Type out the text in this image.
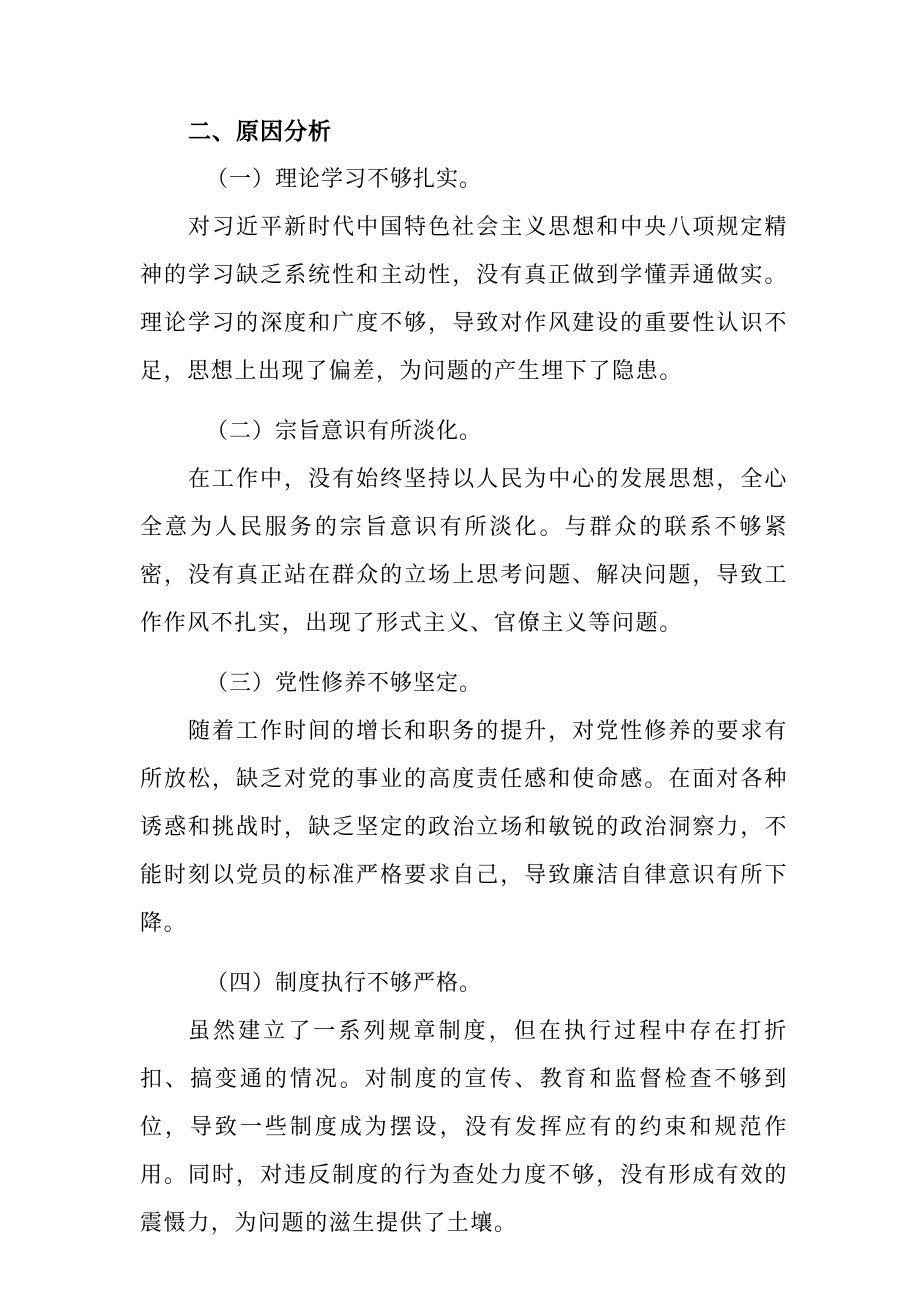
二、原因分析
（一）理论学习不够扎实。

对习近平新时代中国特色社会主义思想和中央八项规定精神的学习缺乏系统性和主动性，没有真正做到学懂弄通做实。理论学习的深度和广度不够，导致对作风建设的重要性认识不足，思想上出现了偏差，为问题的产生埋下了隐患。

（二）宗旨意识有所淡化。

在工作中，没有始终坚持以人民为中心的发展思想，全心全意为人民服务的宗旨意识有所淡化。与群众的联系不够紧密，没有真正站在群众的立场上思考问题、解决问题，导致工作作风不扎实，出现了形式主义、官僚主义等问题。

（三）党性修养不够坚定。

随着工作时间的增长和职务的提升，对党性修养的要求有所放松，缺乏对党的事业的高度责任感和使命感。在面对各种诱惑和挑战时，缺乏坚定的政治立场和敏锐的政治洞察力，不能时刻以党员的标准严格要求自己，导致廉洁自律意识有所下降。

（四）制度执行不够严格。

虽然建立了一系列规章制度，但在执行过程中存在打折扣、搞变通的情况。对制度的宣传、教育和监督检查不够到位，导致一些制度成为摆设，没有发挥应有的约束和规范作用。同时，对违反制度的行为查处力度不够，没有形成有效的震慑力，为问题的滋生提供了土壤。
